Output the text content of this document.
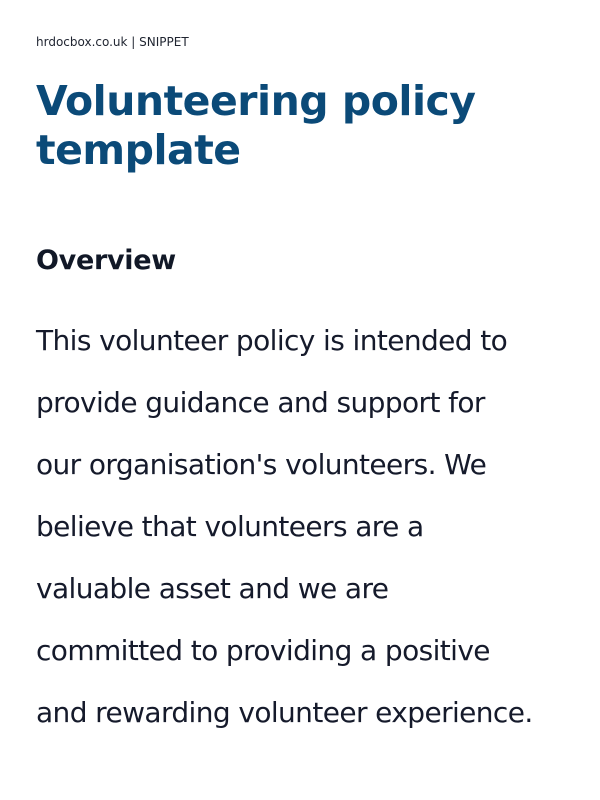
hrdocbox.co.uk | SNIPPET
Volunteering policy template
Overview

This volunteer policy is intended to
provide guidance and support for
our organisation's volunteers. We
believe that volunteers are a
valuable asset and we are
committed to providing a positive
and rewarding volunteer experience.
